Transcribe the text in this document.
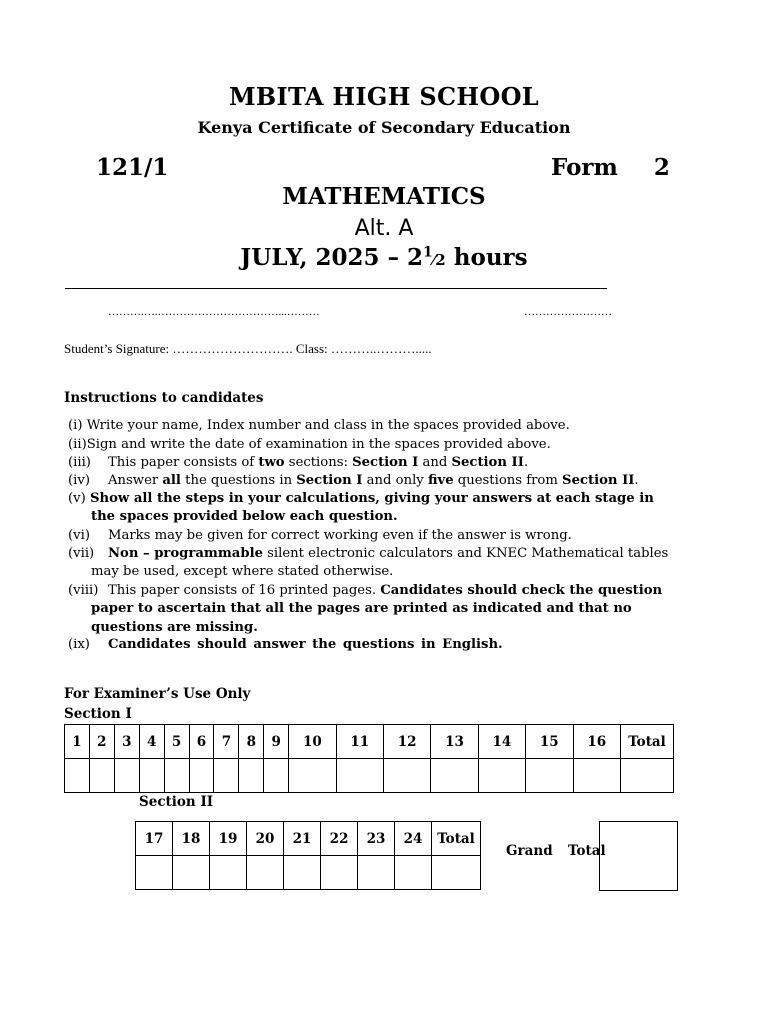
MBITA HIGH SCHOOL
Kenya Certificate of Secondary Education
121/1	Form  2
MATHEMATICS
Alt. A
JULY, $2025 - 2^1⁄2$ hours
……….….……………………………...………	……………………
Student’s Signature: ………………………. Class: ………..……….....
Instructions to candidates
(i) Write your name, Index number and class in the spaces provided above.
(ii)Sign and write the date of examination in the spaces provided above.
(iii) This paper consists of two sections: Section I and Section II.
(iv) Answer all the questions in Section I and only five questions from Section II.
(v) Show all the steps in your calculations, giving your answers at each stage in
the spaces provided below each question.
(vi) Marks may be given for correct working even if the answer is wrong.
(vii) Non – programmable silent electronic calculators and KNEC Mathematical tables
may be used, except where stated otherwise.
(viii) This paper consists of 16 printed pages. Candidates should check the question
paper to ascertain that all the pages are printed as indicated and that no
questions are missing.
(ix) Candidates should answer the questions in English.
For Examiner’s Use Only
Section I
1	2	3	4	5	6	7	8	9	10	11	12	13	14	15	16	Total

Section II
17	18	19	20	21	22	23	24	Total

Grand  Total
